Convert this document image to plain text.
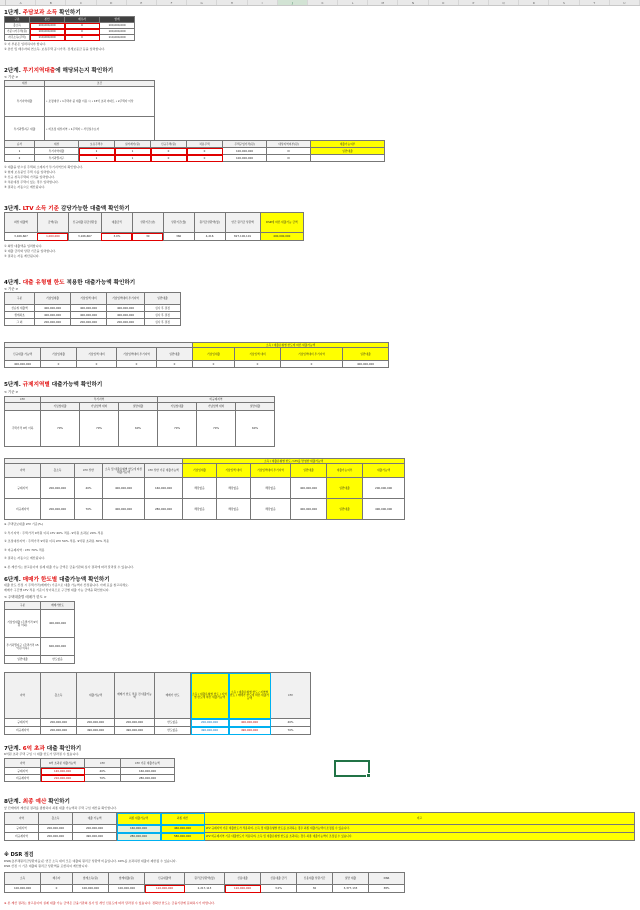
A	B	C	D	E	F	G	H	I	J	K	L	M	N	O	P	Q	R	S	T	U
1단계. 주담보과 소득 확인하기
구분	본인	배우자	합계
총소득	100,000,000	0	100,000,000
기준시가주택(원)	100,000,000	0	100,000,000
자주소득(주택)	110,000,000	0	110,000,000
① 이 부분은 입력하셔야 합니다.
② 본인 및 배우자의 연소득, 보유주택 공시가격, 전세보증금 등을 입력합니다.
2단계. 투기지역대출에 해당되는지 확인하기
< 기준 >
대상	조건
투기지역대출	• 조정대상 • 1주택자 중 대출 이용 시 • 15억 초과 아파트 • 2주택자 이상
투기과열지구 대출	• 비조정 대상지역 • 1주택자 • 서민실수요자
순서	대상	보유주택수	실거래가(원)	신규주택(원)	처분주택	주택구입가격(원)	대상지역여부(원)	대출가능여부
1	투기지역대출	1	1	0	0	100,000,000	N	일반대출
2	투기과열지구	1	1	0	0	100,000,000	N	
① 대출을 받으실 주택의 소재지가 투기지역인지 확인합니다.
② 현재 보유중인 주택 수를 입력합니다.
③ 신규 취득주택의 가격을 입력합니다.
④ 처분예정 주택이 있는 경우 입력합니다.
⑤ 결과는 자동으로 계산됩니다.
3단계. LTV 소득 기준 감당가능한 대출액 확인하기
희망 대출액	금액(원)	신규대출 원금상환율	대출금리	상환기간(년)	상환기간(월)	원리금상환액(월)	연간 원리금 상환액	DSR에 따른 대출가능 금액
3,166,667	1,000,000	3,166,667	3.0%	30	360	4,216	827,100,101	400,000,000
① 희망 대출액을 입력합니다.
② 대출 금리와 상환 기간을 입력합니다.
③ 결과는 자동 계산됩니다.
4단계. 대출 유형별 한도 적용한 대출가능액 확인하기
< 기준 >
구분	기납입대출	기납입액 대비	기납입액대비 투기지역	일반대출
선순위 대출액	400,000,000	400,000,000	400,000,000	심사 후 결정
생애최초	400,000,000	400,000,000	400,000,000	심사 후 결정
그 외	200,000,000	200,000,000	200,000,000	심사 후 결정
					소득 / 대출유형별 한도에 따른 대출가능액			
신규대출 가능액	기납입대출	기납입액 대비	기납입액대비 투기지역	일반대출	기납입대출	기납입액 대비	기납입액대비 투기지역	일반대출
400,000,000	0	0	0	0	0	0	0	400,000,000
5단계. 규제지역별 대출가능액 확인하기
< 기준 >
LTV	투기지역			비규제지역		
	기납입대출	기납입액 대비	일반대출	기납입대출	기납입액 대비	일반대출
주택가격 9억 이하	70%	70%	60%	70%	70%	60%
					소득 / 대출유형별 한도 / LTV를 반영한 대출가능액					
지역	총소득	LTV 상한	소득 및 대출유형별 한도에 따른 대출가능액	LTV 상한 기준 대출가능액	기납입대출	기납입액 대비	기납입액대비 투기지역	일반대출	대출가능여부	대출가능액
규제지역	200,000,000	40%	400,000,000	160,000,000	해당없음	해당없음	해당없음	400,000,000	일반대출	200,000,000
비규제지역	200,000,000	70%	400,000,000	280,000,000	해당없음	해당없음	해당없음	400,000,000	일반대출	490,000,000
※ 주택담보대출 LTV 기준(%)
① 투기지역 : 주택가격 9억원 이하 LTV 40% 적용, 9억원 초과분 20% 적용
② 조정대상지역 : 주택가격 9억원 이하 LTV 50% 적용, 9억원 초과분 30% 적용
③ 비규제지역 : LTV 70% 적용
④ 결과는 자동으로 계산됩니다.
※ 본 계산기는 참고용이며 실제 대출 가능 금액은 금융기관의 심사 결과에 따라 달라질 수 있습니다.
6단계. 매매가 한도별 대출가능액 확인하기
대출 한도 산정 시 주택가격(매매가) 기준으로 대출 가능액이 산정됩니다. 아래 표를 참고하세요.
매매가 구간별 LTV 적용 기준이 상이하므로 구간별 대출 가능 금액을 확인합니다.
< 주택대출별 매매가 한도 >
구분	매매가한도
기납입대출 (주택가격 9억원 이하)	400,000,000
투기과열지구 (주택가격 15억원 이하)	600,000,000
일반대출	한도없음
지역	총소득	대출가능액	매매가 한도 적용 전 대출가능액	매매가 한도	소득 / 대출유형별 한도 / 지역별 한도에 따른 대출가능액	소득 / 대출유형별 한도 / 지역별 한도 / 매매가 한도에 따른 대출가능액	LTV
규제지역	200,000,000	200,000,000	200,000,000	한도없음	200,000,000	400,000,000	40%
비규제지역	200,000,000	490,000,000	490,000,000	한도없음	490,000,000	490,000,000	70%
7단계. 6억 초과 대출 확인하기
6억원 초과 주택 구입 시 대출 한도가 달라질 수 있습니다.
지역	6억 초과분 대출가능액	LTV	LTV 기준 대출가능액
규제지역	120,000,000	40%	160,000,000
비규제지역	210,000,000	70%	280,000,000
8단계. 최종 예산 확인하기
앞 단계에서 계산된 결과를 종합하여 최종 대출 가능액과 주택 구입 예산을 확인합니다.
지역	총소득	대출 가능액	최종 대출가능액	최종 예산	비고
규제지역	200,000,000	200,000,000	160,000,000	460,000,000	LTV 규제지역 기준 대출한도가 적용되며, 소득 및 대출유형별 한도를 초과하는 경우 최종 대출가능액이 조정될 수 있습니다.
비규제지역	200,000,000	490,000,000	280,000,000	580,000,000	LTV 비규제지역 기준 대출한도가 적용되며, 소득 및 대출유형별 한도를 초과하는 경우 최종 대출가능액이 조정될 수 있습니다.
※ DSR 점검
DSR(총부채원리금상환비율)은 연간 소득 대비 모든 대출의 원리금 상환액 비율입니다. 40%를 초과하면 대출이 제한될 수 있습니다.
DSR 산정 시 기존 대출의 원리금 상환액을 포함하여 계산합니다.
소득	배우자	합계소득(원)	합계대출(원)	신규대출액	원리금상환액(월)	신용대출	신용대출 금리	신용대출 상환기간	일반 대출	DSR
100,000,000	0	100,000,000	100,000,000	110,000,000	2,217,113	110,000,000	3.0%	30	3,377,133	38%
※ 본 계산 결과는 참고용이며 실제 대출 가능 금액은 금융기관의 심사 및 개인 신용도에 따라 달라질 수 있습니다. 정확한 한도는 금융기관에 문의하시기 바랍니다.
